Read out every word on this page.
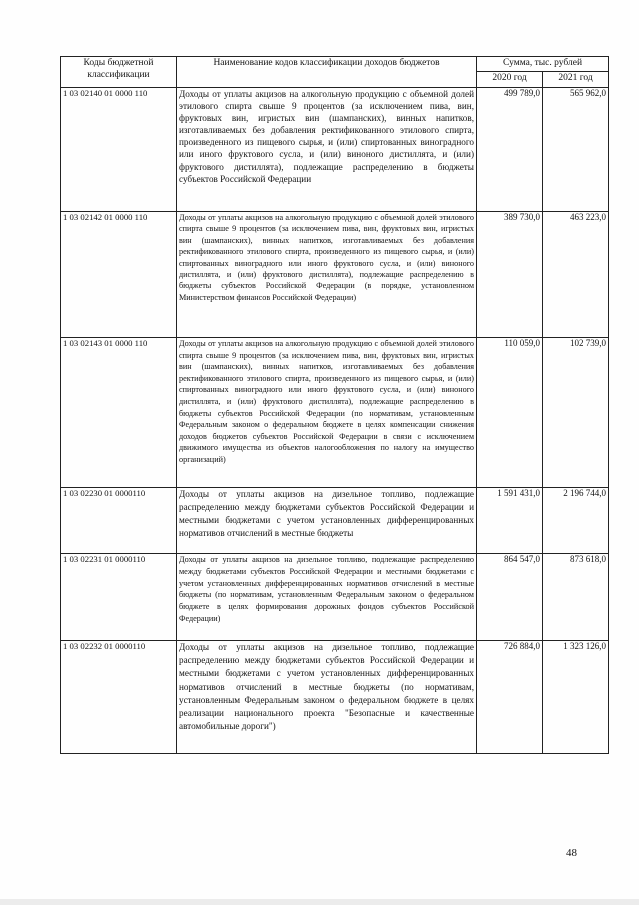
Коды бюджетной классификации	Наименование кодов классификации доходов бюджетов	Сумма, тыс. рублей	
		2020 год	2021 год
1 03 02140 01 0000 110	Доходы от уплаты акцизов на алкогольную продукцию с объемной долей этилового спирта свыше 9 процентов (за исключением пива, вин, фруктовых вин, игристых вин (шампанских), винных напитков, изготавливаемых без добавления ректификованного этилового спирта, произведенного из пищевого сырья, и (или) спиртованных виноградного или иного фруктового сусла, и (или) виноного дистиллята, и (или) фруктового дистиллята), подлежащие распределению в бюджеты субъектов Российской Федерации	499 789,0	565 962,0
1 03 02142 01 0000 110	Доходы от уплаты акцизов на алкогольную продукцию с объемной долей этилового спирта свыше 9 процентов (за исключением пива, вин, фруктовых вин, игристых вин (шампанских), винных напитков, изготавливаемых без добавления ректификованного этилового спирта, произведенного из пищевого сырья, и (или) спиртованных виноградного или иного фруктового сусла, и (или) виноного дистиллята, и (или) фруктового дистиллята), подлежащие распределению в бюджеты субъектов Российской Федерации (в порядке, установленном Министерством финансов Российской Федерации)	389 730,0	463 223,0
1 03 02143 01 0000 110	Доходы от уплаты акцизов на алкогольную продукцию с объемной долей этилового спирта свыше 9 процентов (за исключением пива, вин, фруктовых вин, игристых вин (шампанских), винных напитков, изготавливаемых без добавления ректификованного этилового спирта, произведенного из пищевого сырья, и (или) спиртованных виноградного или иного фруктового сусла, и (или) виноного дистиллята, и (или) фруктового дистиллята), подлежащие распределению в бюджеты субъектов Российской Федерации (по нормативам, установленным Федеральным законом о федеральном бюджете в целях компенсации снижения доходов бюджетов субъектов Российской Федерации в связи с исключением движимого имущества из объектов налогообложения по налогу на имущество организаций)	110 059,0	102 739,0
1 03 02230 01 0000110	Доходы от уплаты акцизов на дизельное топливо, подлежащие распределению между бюджетами субъектов Российской Федерации и местными бюджетами с учетом установленных дифференцированных нормативов отчислений в местные бюджеты	1 591 431,0	2 196 744,0
1 03 02231 01 0000110	Доходы от уплаты акцизов на дизельное топливо, подлежащие распределению между бюджетами субъектов Российской Федерации и местными бюджетами с учетом установленных дифференцированных нормативов отчислений в местные бюджеты (по нормативам, установленным Федеральным законом о федеральном бюджете в целях формирования дорожных фондов субъектов Российской Федерации)	864 547,0	873 618,0
1 03 02232 01 0000110	Доходы от уплаты акцизов на дизельное топливо, подлежащие распределению между бюджетами субъектов Российской Федерации и местными бюджетами с учетом установленных дифференцированных нормативов отчислений в местные бюджеты (по нормативам, установленным Федеральным законом о федеральном бюджете в целях реализации национального проекта "Безопасные и качественные автомобильные дороги")	726 884,0	1 323 126,0
48
